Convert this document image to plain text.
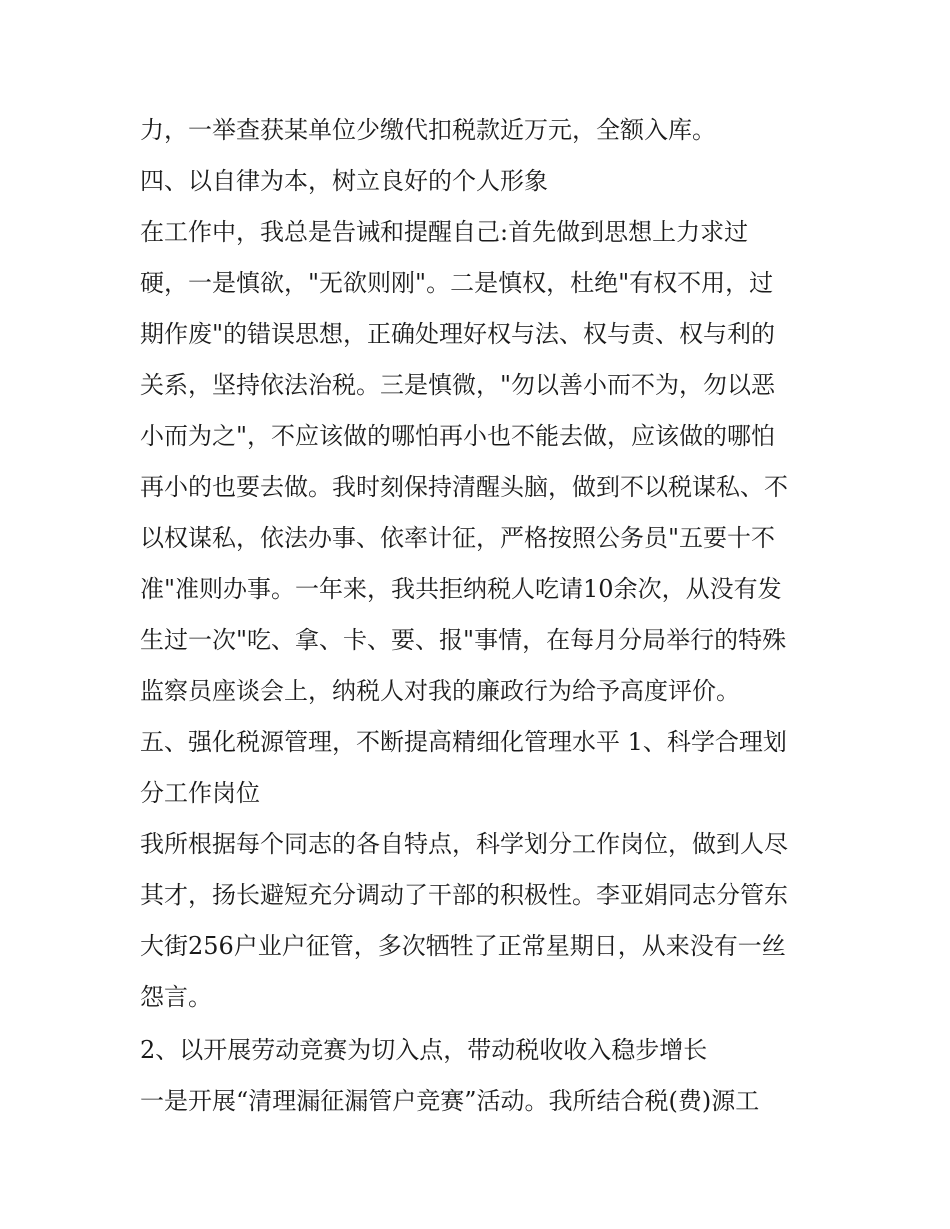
力，一举查获某单位少缴代扣税款近万元，全额入库。
四、以自律为本，树立良好的个人形象
在工作中，我总是告诫和提醒自己:首先做到思想上力求过
硬，一是慎欲，"无欲则刚"。二是慎权，杜绝"有权不用，过
期作废"的错误思想，正确处理好权与法、权与责、权与利的
关系，坚持依法治税。三是慎微，"勿以善小而不为，勿以恶
小而为之"，不应该做的哪怕再小也不能去做，应该做的哪怕
再小的也要去做。我时刻保持清醒头脑，做到不以税谋私、不
以权谋私，依法办事、依率计征，严格按照公务员"五要十不
准"准则办事。一年来，我共拒纳税人吃请10余次，从没有发
生过一次"吃、拿、卡、要、报"事情，在每月分局举行的特殊
监察员座谈会上，纳税人对我的廉政行为给予高度评价。
五、强化税源管理，不断提高精细化管理水平 1、科学合理划
分工作岗位
我所根据每个同志的各自特点，科学划分工作岗位，做到人尽
其才，扬长避短充分调动了干部的积极性。李亚娟同志分管东
大街256户业户征管，多次牺牲了正常星期日，从来没有一丝
怨言。
2、以开展劳动竞赛为切入点，带动税收收入稳步增长
一是开展“清理漏征漏管户竞赛”活动。我所结合税(费)源工
